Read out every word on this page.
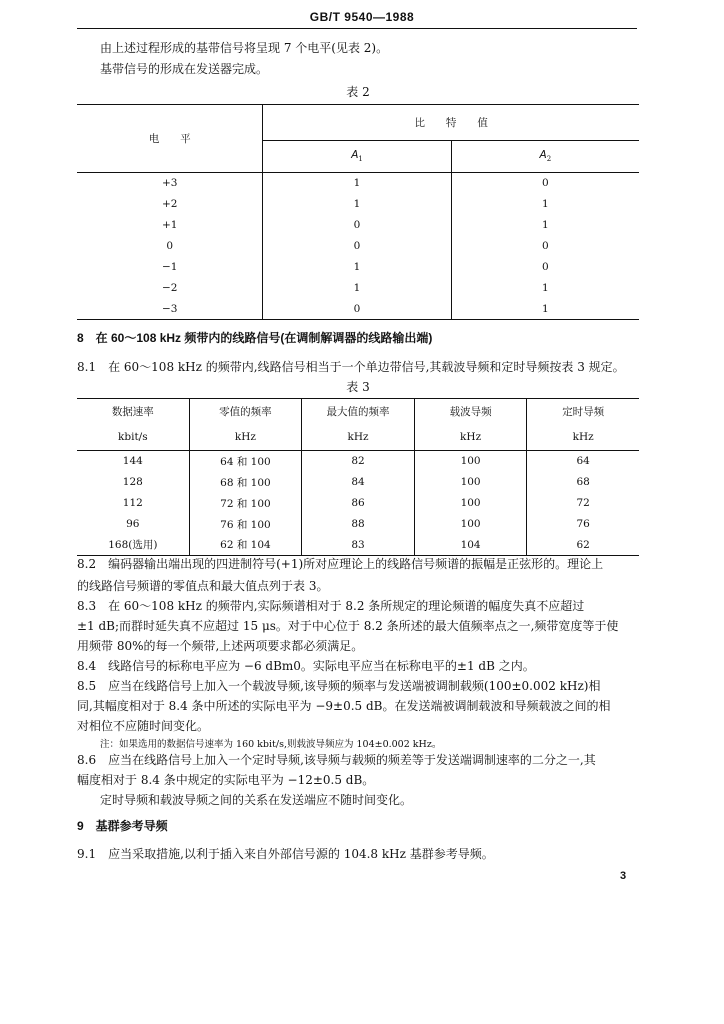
GB/T 9540—1988

由上述过程形成的基带信号将呈现 7 个电平(见表 2)。

基带信号的形成在发送器完成。

表 2
电　　平	比　　特　　值	
	$A_1$	$A_2$
+3	1	0
+2	1	1
+1	0	1
0	0	0
−1	1	0
−2	1	1
−3	0	1

8　在 60～108 kHz 频带内的线路信号(在调制解调器的线路输出端)

8.1　在 60～108 kHz 的频带内,线路信号相当于一个单边带信号,其载波导频和定时导频按表 3 规定。

表 3
数据速率	零值的频率	最大值的频率	载波导频	定时导频
kbit/s	kHz	kHz	kHz	kHz
144	64 和 100	82	100	64
128	68 和 100	84	100	68
112	72 和 100	86	100	72
96	76 和 100	88	100	76
168(选用)	62 和 104	83	104	62

8.2　编码器输出端出现的四进制符号(+1)所对应理论上的线路信号频谱的振幅是正弦形的。理论上

的线路信号频谱的零值点和最大值点列于表 3。

8.3　在 60～108 kHz 的频带内,实际频谱相对于 8.2 条所规定的理论频谱的幅度失真不应超过

±1 dB;而群时延失真不应超过 15 μs。对于中心位于 8.2 条所述的最大值频率点之一,频带宽度等于使

用频带 80%的每一个频带,上述两项要求都必须满足。

8.4　线路信号的标称电平应为 −6 dBm0。实际电平应当在标称电平的±1 dB 之内。

8.5　应当在线路信号上加入一个载波导频,该导频的频率与发送端被调制载频(100±0.002 kHz)相

同,其幅度相对于 8.4 条中所述的实际电平为 −9±0.5 dB。在发送端被调制载波和导频载波之间的相

对相位不应随时间变化。

注：如果选用的数据信号速率为 160 kbit/s,则载波导频应为 104±0.002 kHz。

8.6　应当在线路信号上加入一个定时导频,该导频与载频的频差等于发送端调制速率的二分之一,其

幅度相对于 8.4 条中规定的实际电平为 −12±0.5 dB。

定时导频和载波导频之间的关系在发送端应不随时间变化。

9　基群参考导频

9.1　应当采取措施,以利于插入来自外部信号源的 104.8 kHz 基群参考导频。

3
